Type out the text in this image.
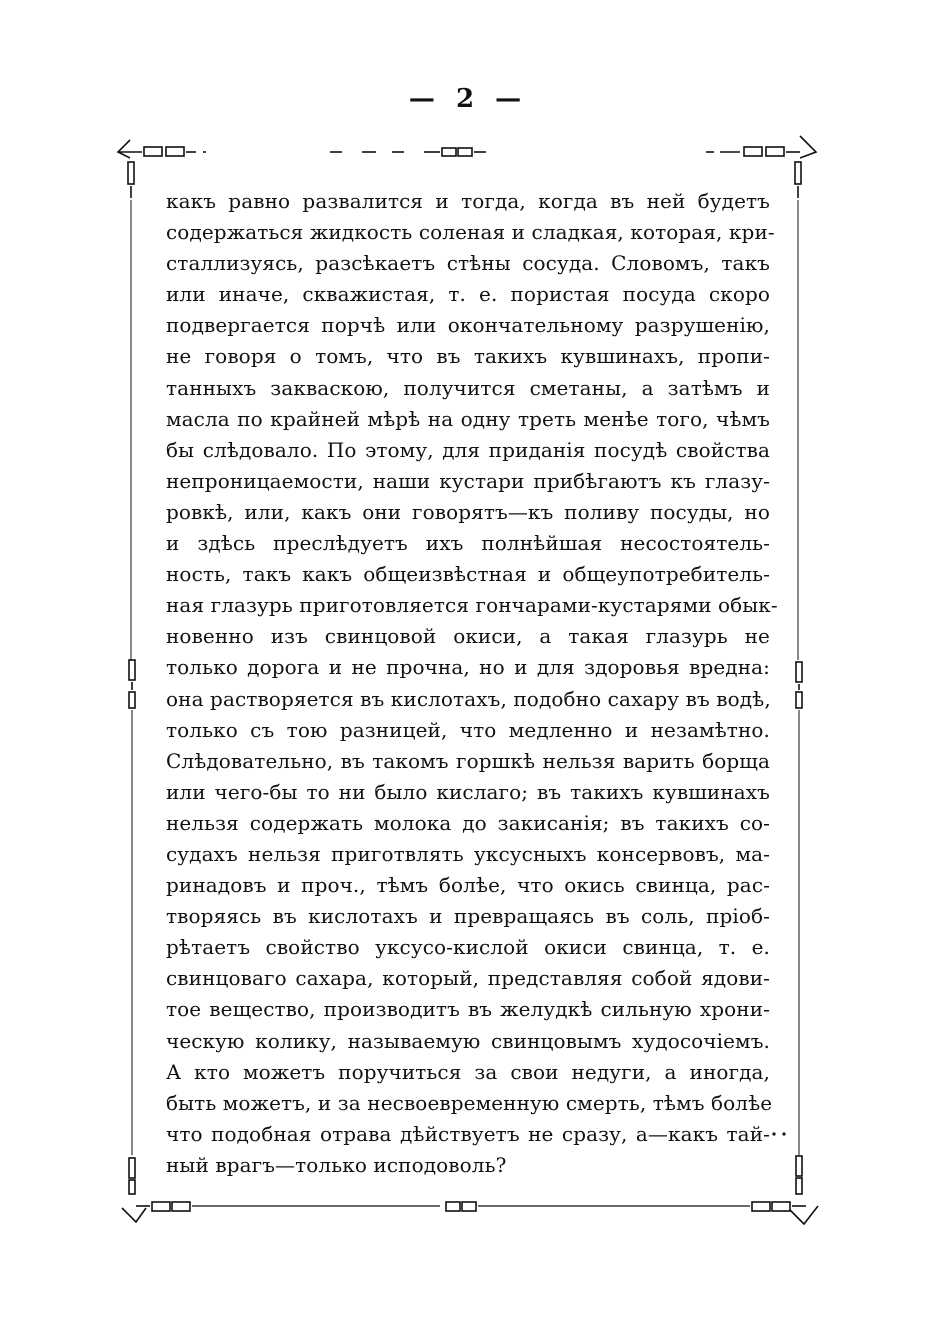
— 2 —
какъ равно развалится и тогда, когда въ ней будетъ
содержаться жидкость соленая и сладкая, которая, кри-
сталлизуясь, разсѣкаетъ стѣны сосуда. Словомъ, такъ
или иначе, скважистая, т. е. пористая посуда скоро
подвергается порчѣ или окончательному разрушенію,
не говоря о томъ, что въ такихъ кувшинахъ, пропи-
танныхъ закваскою, получится сметаны, а затѣмъ и
масла по крайней мѣрѣ на одну треть менѣе того, чѣмъ
бы слѣдовало. По этому, для приданія посудѣ свойства
непроницаемости, наши кустари прибѣгаютъ къ глазу-
ровкѣ, или, какъ они говорятъ—къ поливу посуды, но
и здѣсь преслѣдуетъ ихъ полнѣйшая несостоятель-
ность, такъ какъ общеизвѣстная и общеупотребитель-
ная глазурь приготовляется гончарами-кустарями обык-
новенно изъ свинцовой окиси, а такая глазурь не
только дорога и не прочна, но и для здоровья вредна:
она растворяется въ кислотахъ, подобно сахару въ водѣ,
только съ тою разницей, что медленно и незамѣтно.
Слѣдовательно, въ такомъ горшкѣ нельзя варить борща
или чего-бы то ни было кислаго; въ такихъ кувшинахъ
нельзя содержать молока до закисанія; въ такихъ со-
судахъ нельзя приготвлять уксусныхъ консервовъ, ма-
ринадовъ и проч., тѣмъ болѣе, что окись свинца, рас-
творяясь въ кислотахъ и превращаясь въ соль, пріоб-
рѣтаетъ свойство уксусо-кислой окиси свинца, т. е.
свинцоваго сахара, который, представляя собой ядови-
тое вещество, производитъ въ желудкѣ сильную хрони-
ческую колику, называемую свинцовымъ худосочіемъ.
А кто можетъ поручиться за свои недуги, а иногда,
быть можетъ, и за несвоевременную смерть, тѣмъ болѣе
что подобная отрава дѣйствуетъ не сразу, а—какъ тай-
ный врагъ—только исподоволь?
